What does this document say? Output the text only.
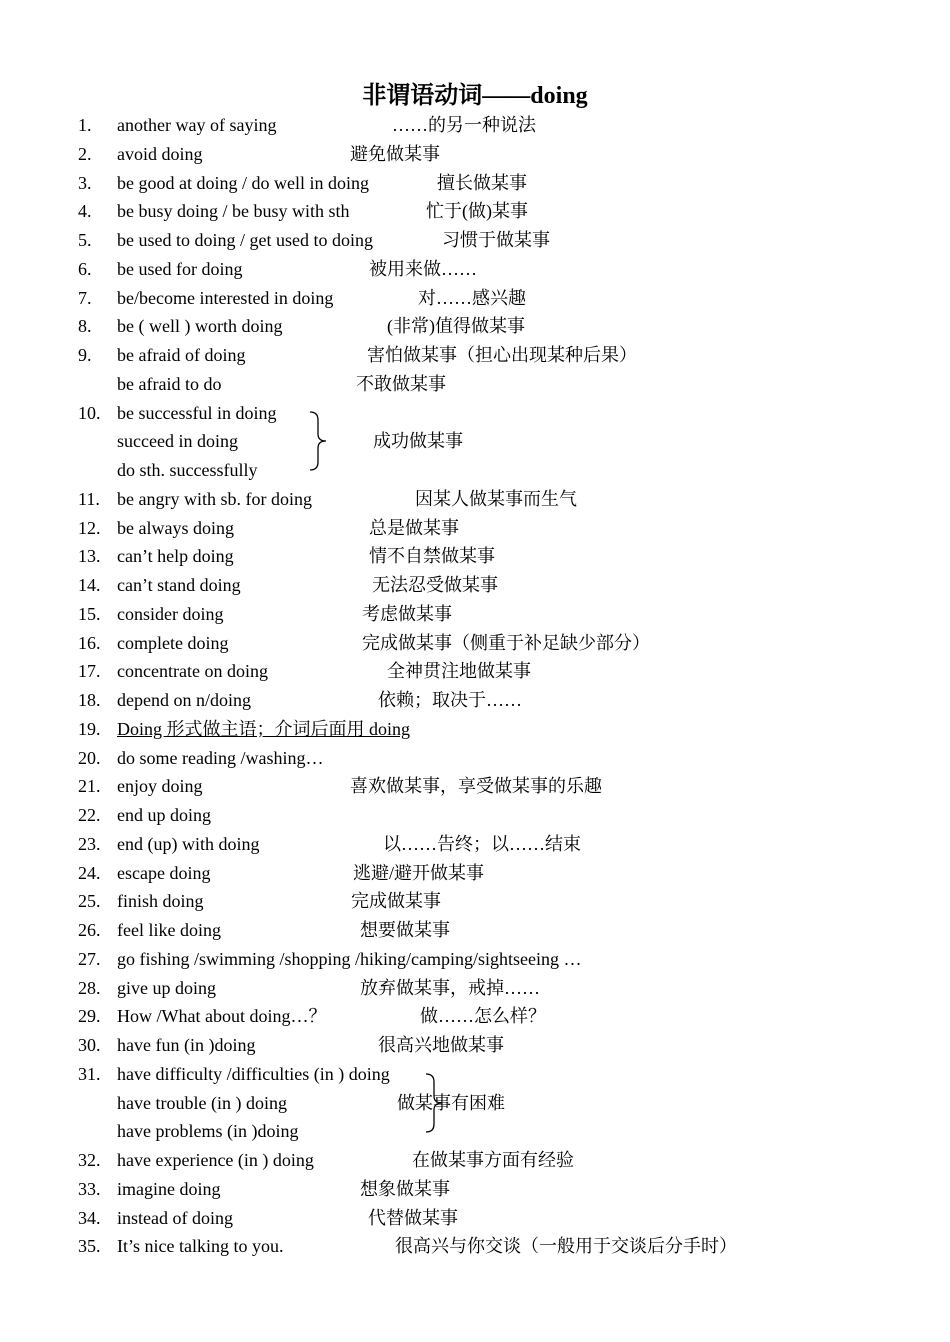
非谓语动词——doing
1. another way of saying	……的另一种说法
2. avoid doing	避免做某事
3. be good at doing / do well in doing	擅长做某事
4. be busy doing / be busy with sth	忙于(做)某事
5. be used to doing / get used to doing	习惯于做某事
6. be used for doing	被用来做……
7. be/become interested in doing	对……感兴趣
8. be ( well ) worth doing	(非常)值得做某事
9. be afraid of doing	害怕做某事（担心出现某种后果）
be afraid to do	不敢做某事
10. be successful in doing
succeed in doing	成功做某事
do sth. successfully
11. be angry with sb. for doing	因某人做某事而生气
12. be always doing	总是做某事
13. can’t help doing	情不自禁做某事
14. can’t stand doing	无法忍受做某事
15. consider doing	考虑做某事
16. complete doing	完成做某事（侧重于补足缺少部分）
17. concentrate on doing	全神贯注地做某事
18. depend on n/doing	依赖；取决于……
19. Doing 形式做主语；介词后面用 doing
20. do some reading /washing…
21. enjoy doing	喜欢做某事，享受做某事的乐趣
22. end up doing
23. end (up) with doing	以……告终；以……结束
24. escape doing	逃避/避开做某事
25. finish doing	完成做某事
26. feel like doing	想要做某事
27. go fishing /swimming /shopping /hiking/camping/sightseeing …
28. give up doing	放弃做某事，戒掉……
29. How /What about doing…？	做……怎么样？
30. have fun (in )doing	很高兴地做某事
31. have difficulty /difficulties (in ) doing
have trouble (in ) doing	做某事有困难
have problems (in )doing
32. have experience (in ) doing	在做某事方面有经验
33. imagine doing	想象做某事
34. instead of doing	代替做某事
35. It’s nice talking to you.	很高兴与你交谈（一般用于交谈后分手时）
